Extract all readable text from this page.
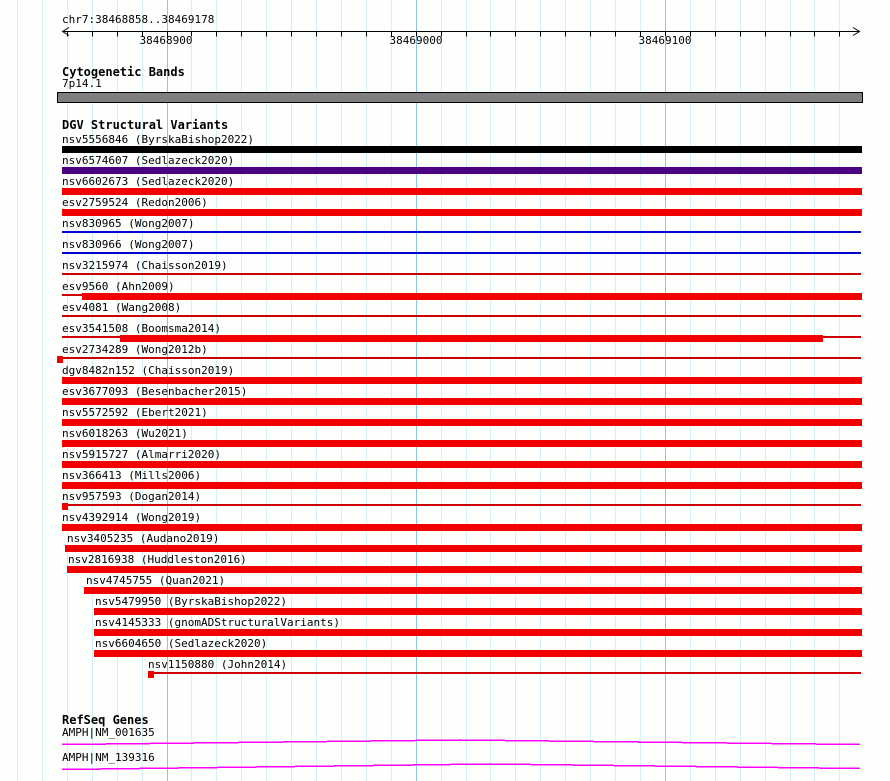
chr7:38468858..38469178
38468900	38469000	38469100
Cytogenetic Bands
7p14.1
DGV Structural Variants
nsv5556846 (ByrskaBishop2022)
nsv6574607 (Sedlazeck2020)
nsv6602673 (Sedlazeck2020)
esv2759524 (Redon2006)
nsv830965 (Wong2007)
nsv830966 (Wong2007)
nsv3215974 (Chaisson2019)
esv9560 (Ahn2009)
esv4081 (Wang2008)
esv3541508 (Boomsma2014)
esv2734289 (Wong2012b)
dgv8482n152 (Chaisson2019)
esv3677093 (Besenbacher2015)
nsv5572592 (Ebert2021)
nsv6018263 (Wu2021)
nsv5915727 (Almarri2020)
nsv366413 (Mills2006)
nsv957593 (Dogan2014)
nsv4392914 (Wong2019)
nsv3405235 (Audano2019)
nsv2816938 (Huddleston2016)
nsv4745755 (Quan2021)
nsv5479950 (ByrskaBishop2022)
nsv4145333 (gnomADStructuralVariants)
nsv6604650 (Sedlazeck2020)
nsv1150880 (John2014)
RefSeq Genes
AMPH|NM_001635
AMPH|NM_139316
